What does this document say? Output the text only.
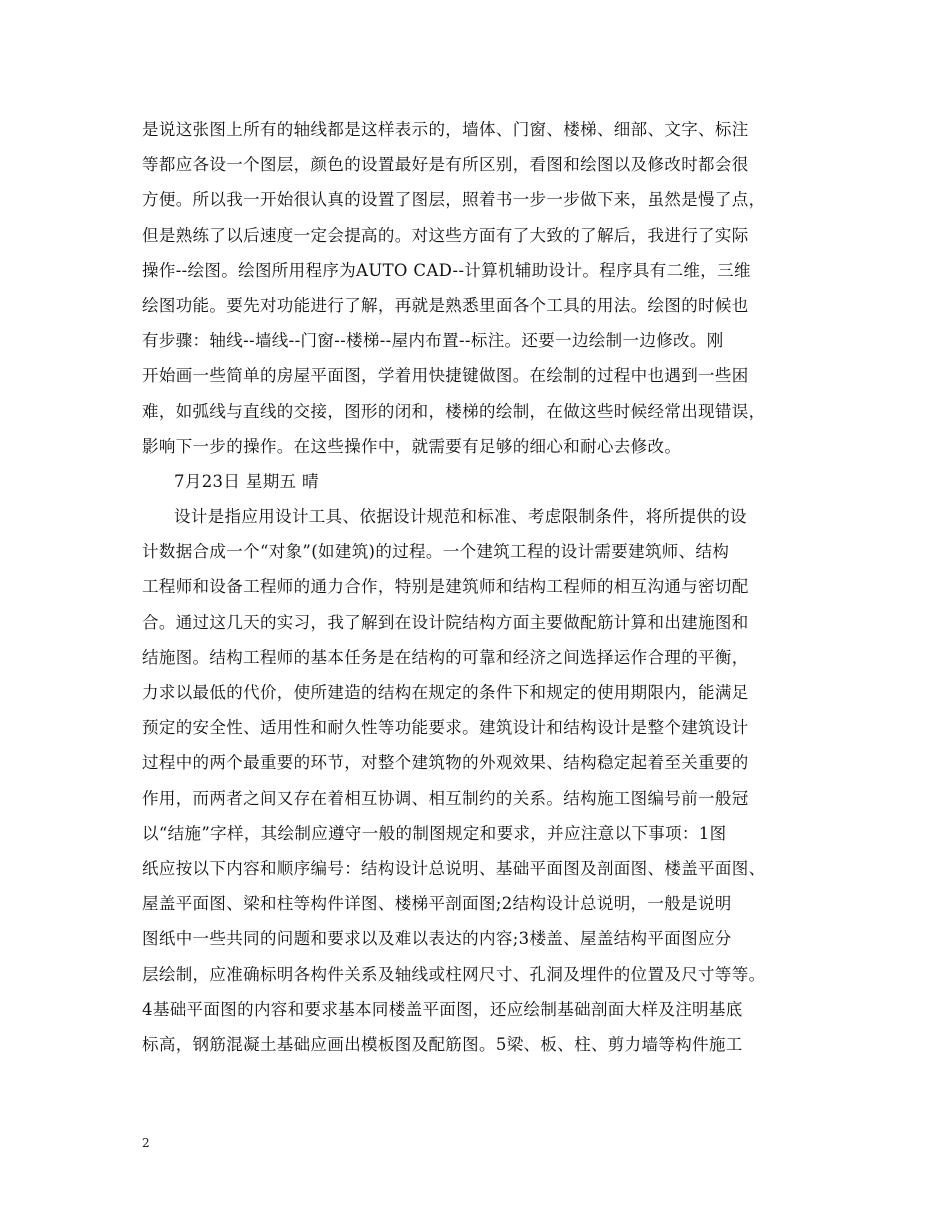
是说这张图上所有的轴线都是这样表示的，墙体、门窗、楼梯、细部、文字、标注
等都应各设一个图层，颜色的设置最好是有所区别，看图和绘图以及修改时都会很
方便。所以我一开始很认真的设置了图层，照着书一步一步做下来，虽然是慢了点，
但是熟练了以后速度一定会提高的。对这些方面有了大致的了解后，我进行了实际
操作--绘图。绘图所用程序为AUTO CAD--计算机辅助设计。程序具有二维，三维
绘图功能。要先对功能进行了解，再就是熟悉里面各个工具的用法。绘图的时候也
有步骤：轴线--墙线--门窗--楼梯--屋内布置--标注。还要一边绘制一边修改。刚
开始画一些简单的房屋平面图，学着用快捷键做图。在绘制的过程中也遇到一些困
难，如弧线与直线的交接，图形的闭和，楼梯的绘制，在做这些时候经常出现错误，
影响下一步的操作。在这些操作中，就需要有足够的细心和耐心去修改。
7月23日 星期五 晴
设计是指应用设计工具、依据设计规范和标准、考虑限制条件，将所提供的设
计数据合成一个“对象”(如建筑)的过程。一个建筑工程的设计需要建筑师、结构
工程师和设备工程师的通力合作，特别是建筑师和结构工程师的相互沟通与密切配
合。通过这几天的实习，我了解到在设计院结构方面主要做配筋计算和出建施图和
结施图。结构工程师的基本任务是在结构的可靠和经济之间选择运作合理的平衡，
力求以最低的代价，使所建造的结构在规定的条件下和规定的使用期限内，能满足
预定的安全性、适用性和耐久性等功能要求。建筑设计和结构设计是整个建筑设计
过程中的两个最重要的环节，对整个建筑物的外观效果、结构稳定起着至关重要的
作用，而两者之间又存在着相互协调、相互制约的关系。结构施工图编号前一般冠
以“结施”字样，其绘制应遵守一般的制图规定和要求，并应注意以下事项：1图
纸应按以下内容和顺序编号：结构设计总说明、基础平面图及剖面图、楼盖平面图、
屋盖平面图、梁和柱等构件详图、楼梯平剖面图;2结构设计总说明，一般是说明
图纸中一些共同的问题和要求以及难以表达的内容;3楼盖、屋盖结构平面图应分
层绘制，应准确标明各构件关系及轴线或柱网尺寸、孔洞及埋件的位置及尺寸等等。
4基础平面图的内容和要求基本同楼盖平面图，还应绘制基础剖面大样及注明基底
标高，钢筋混凝土基础应画出模板图及配筋图。5梁、板、柱、剪力墙等构件施工
2
